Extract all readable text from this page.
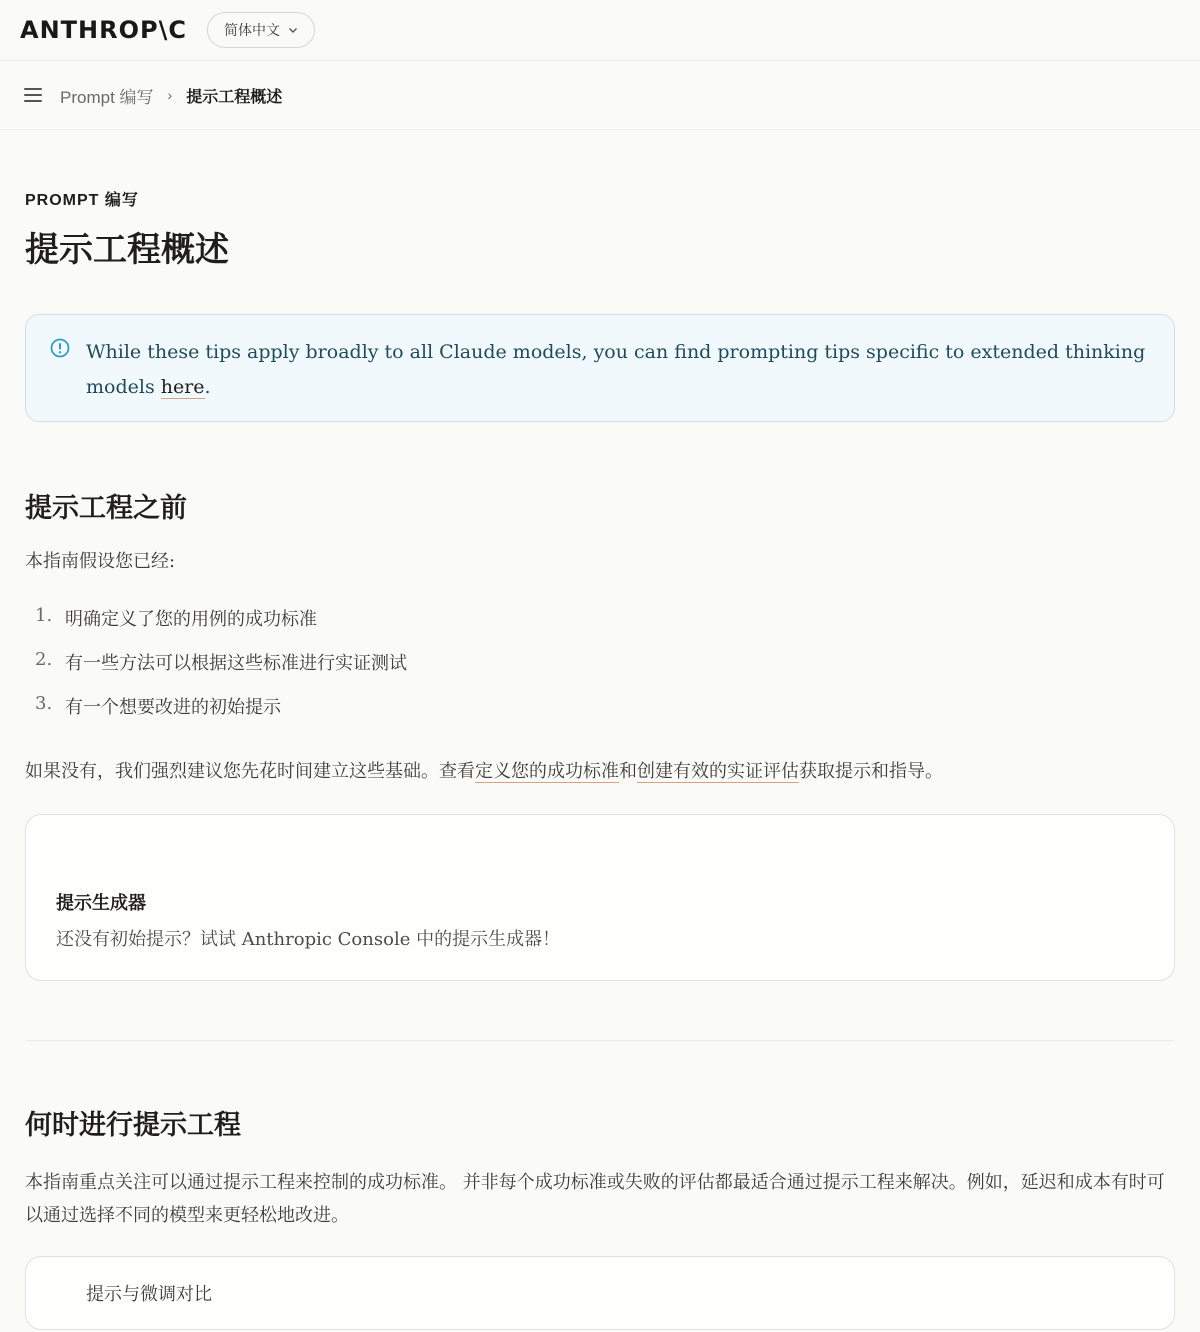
ANTHROP\C	简体中文
Prompt 编写 › 提示工程概述
PROMPT 编写
提示工程概述
While these tips apply broadly to all Claude models, you can find prompting tips specific to extended thinking models here.
提示工程之前

本指南假设您已经:

1. 明确定义了您的用例的成功标准
2. 有一些方法可以根据这些标准进行实证测试
3. 有一个想要改进的初始提示

如果没有，我们强烈建议您先花时间建立这些基础。查看定义您的成功标准和创建有效的实证评估获取提示和指导。

提示生成器
还没有初始提示？试试 Anthropic Console 中的提示生成器！
何时进行提示工程

本指南重点关注可以通过提示工程来控制的成功标准。 并非每个成功标准或失败的评估都最适合通过提示工程来解决。例如，延迟和成本有时可以通过选择不同的模型来更轻松地改进。

提示与微调对比
